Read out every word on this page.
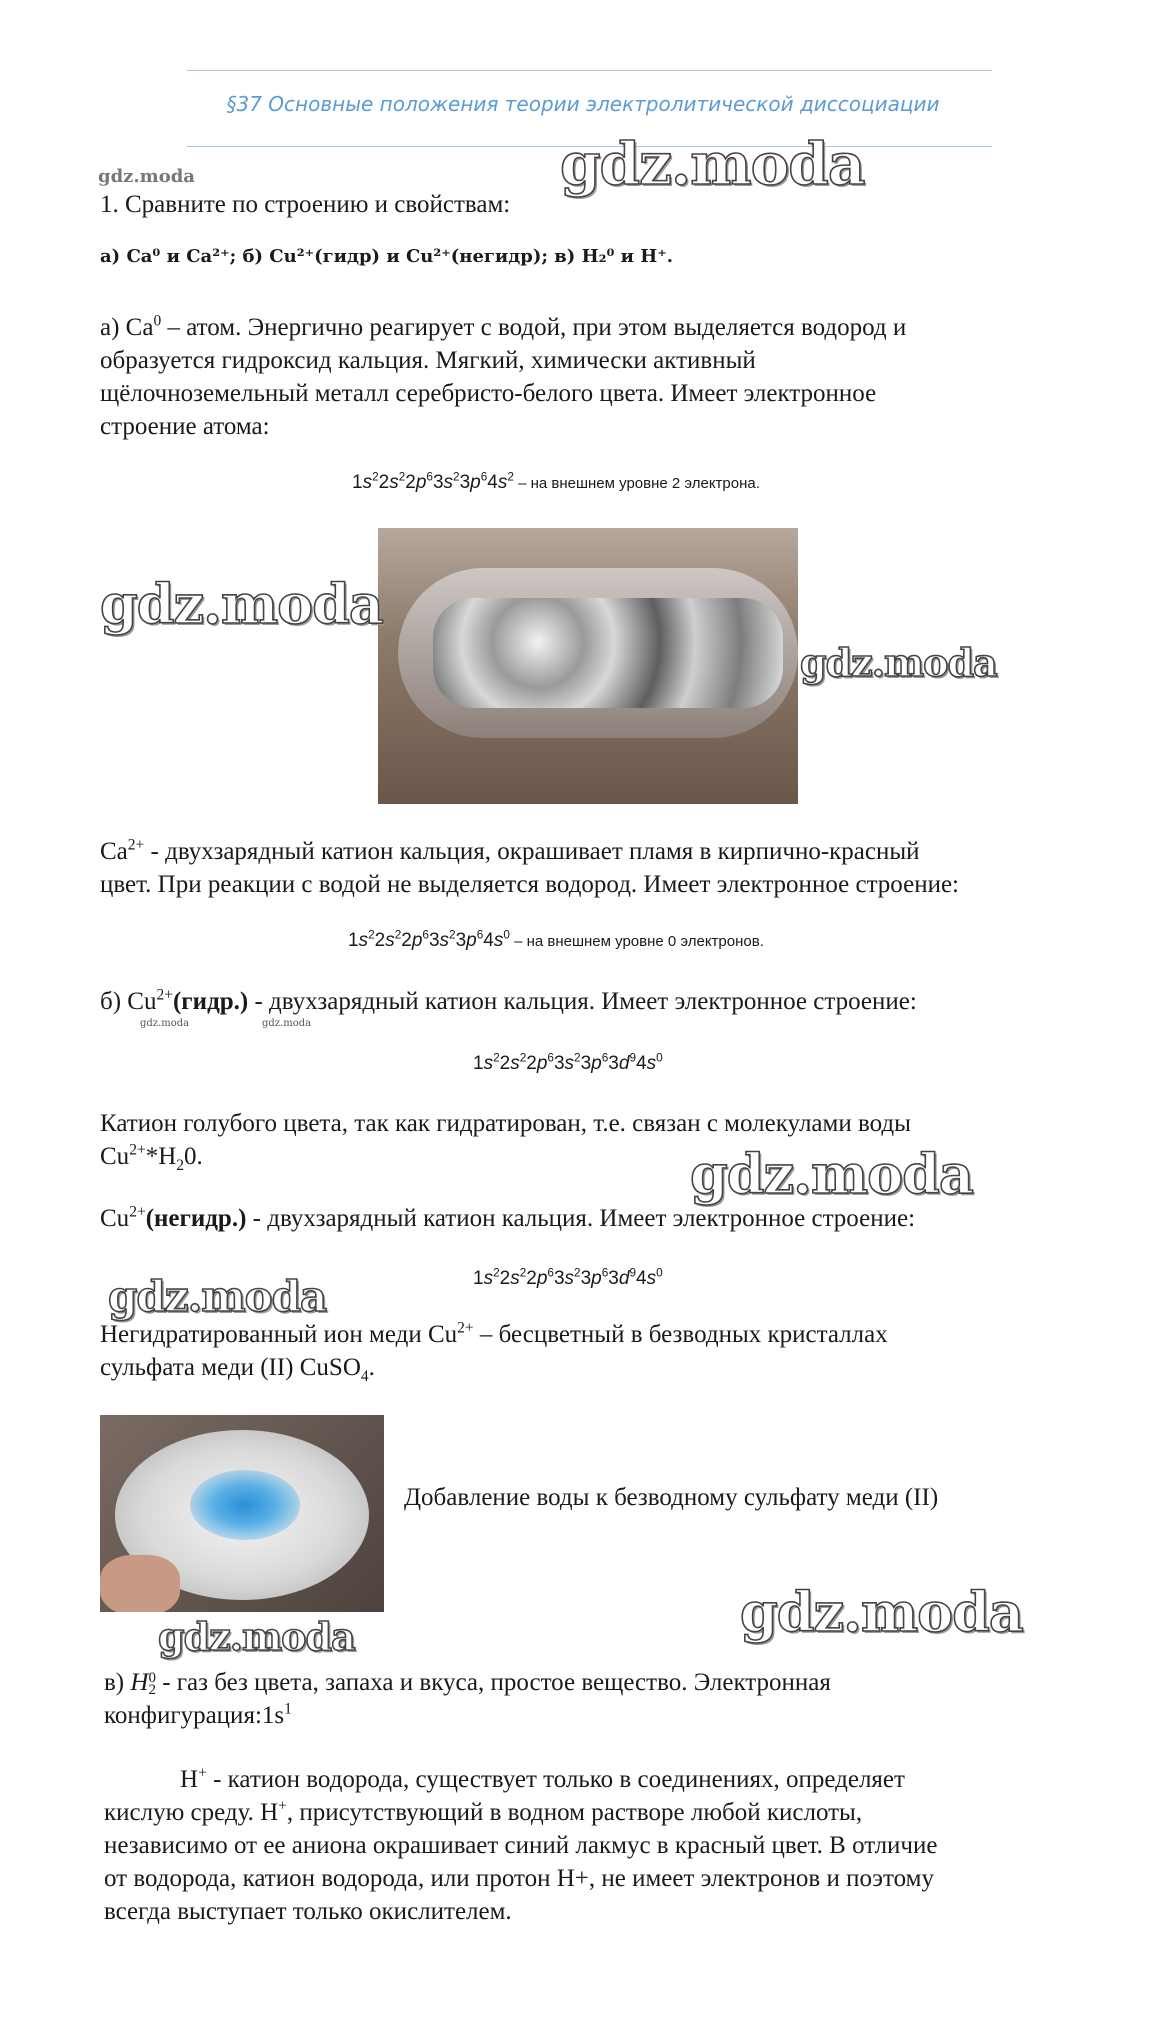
§37 Основные положения теории электролитической диссоциации
gdz.moda	gdz.moda
1. Сравните по строению и свойствам:
а) Ca⁰ и Ca²⁺; б) Cu²⁺(гидр) и Cu²⁺(негидр); в) H₂⁰ и H⁺.
а) Ca$^0$ – атом. Энергично реагирует с водой, при этом выделяется водород и
образуется гидроксид кальция. Мягкий, химически активный
щёлочноземельный металл серебристо-белого цвета. Имеет электронное
строение атома:
$1s^22s^22p^63s^23p^64s^2$ – на внешнем уровне 2 электрона.
gdz.moda
gdz.moda
$Ca^{2+}$ - двухзарядный катион кальция, окрашивает пламя в кирпично-красный
цвет. При реакции с водой не выделяется водород. Имеет электронное строение:
$1s^22s^22p^63s^23p^64s^0$ – на внешнем уровне 0 электронов.
б) $Cu^{2+}(гидр.)$ - двухзарядный катион кальция. Имеет электронное строение:
gdz.moda	gdz.moda
$1s^22s^22p^63s^23p^63d^94s^0$
Катион голубого цвета, так как гидратирован, т.е. связан с молекулами воды
$Cu^{2+}*H_20$.	gdz.moda
$Cu^{2+}(негидр.)$ - двухзарядный катион кальция. Имеет электронное строение:
$1s^22s^22p^63s^23p^63d^94s^0$
gdz.moda
Негидратированный ион меди $Cu^{2+}$ – бесцветный в безводных кристаллах
сульфата меди (II) CuSO$_4$.
Добавление воды к безводному сульфату меди (II)
gdz.moda
gdz.moda
в) H 0
2 - газ без цвета, запаха и вкуса, простое вещество. Электронная
$конфигурация:1s^1$
H+ - катион водорода, существует только в соединениях, определяет
кислую среду. H+, присутствующий в водном растворе любой кислоты,
независимо от ее аниона окрашивает синий лакмус в красный цвет. В отличие
от водорода, катион водорода, или протон H+, не имеет электронов и поэтому
всегда выступает только окислителем.
